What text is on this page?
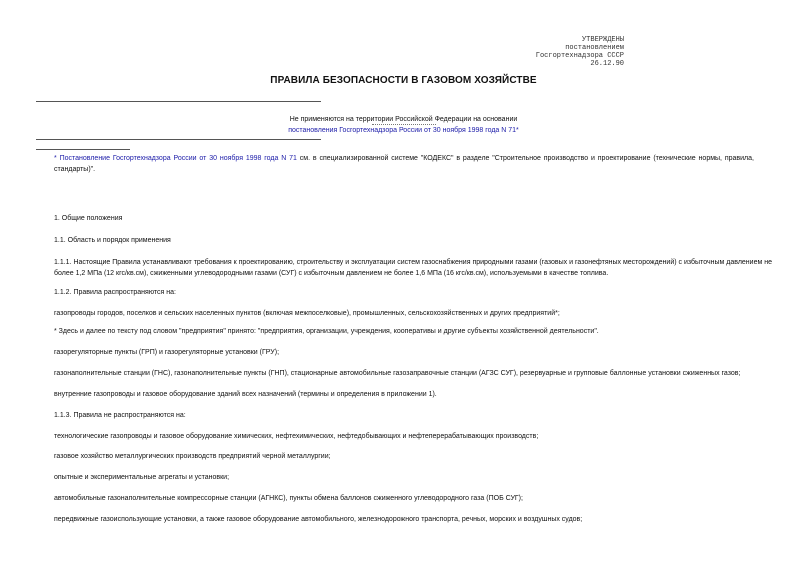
УТВЕРЖДЕНЫ
постановлением
Госгортехнадзора СССР
26.12.90
ПРАВИЛА БЕЗОПАСНОСТИ В ГАЗОВОМ ХОЗЯЙСТВЕ
Не применяются на территории Российской Федерации на основании
постановления Госгортехнадзора России от 30 ноября 1998 года N 71*
* Постановление Госгортехнадзора России от 30 ноября 1998 года N 71 см. в специализированной системе "КОДЕКС" в разделе "Строительное производство и проектирование (технические нормы, правила, стандарты)".
1. Общие положения
1.1. Область и порядок применения
1.1.1. Настоящие Правила устанавливают требования к проектированию, строительству и эксплуатации систем газоснабжения природными газами (газовых и газонефтяных месторождений) с избыточным давлением не более 1,2 МПа (12 кгс/кв.см), сжиженными углеводородными газами (СУГ) с избыточным давлением не более 1,6 МПа (16 кгс/кв.см), используемыми в качестве топлива.
1.1.2. Правила распространяются на:
газопроводы городов, поселков и сельских населенных пунктов (включая межпоселковые), промышленных, сельскохозяйственных и других предприятий*;
* Здесь и далее по тексту под словом "предприятия" принято: "предприятия, организации, учреждения, кооперативы и другие субъекты хозяйственной деятельности".
газорегуляторные пункты (ГРП) и газорегуляторные установки (ГРУ);
газонаполнительные станции (ГНС), газонаполнительные пункты (ГНП), стационарные автомобильные газозаправочные станции (АГЗС СУГ), резервуарные и групповые баллонные установки сжиженных газов;
внутренние газопроводы и газовое оборудование зданий всех назначений (термины и определения в приложении 1).
1.1.3. Правила не распространяются на:
технологические газопроводы и газовое оборудование химических, нефтехимических, нефтедобывающих и нефтеперерабатывающих производств;
газовое хозяйство металлургических производств предприятий черной металлургии;
опытные и экспериментальные агрегаты и установки;
автомобильные газонаполнительные компрессорные станции (АГНКС), пункты обмена баллонов сжиженного углеводородного газа (ПОБ СУГ);
передвижные газоиспользующие установки, а также газовое оборудование автомобильного, железнодорожного транспорта, речных, морских и воздушных судов;
